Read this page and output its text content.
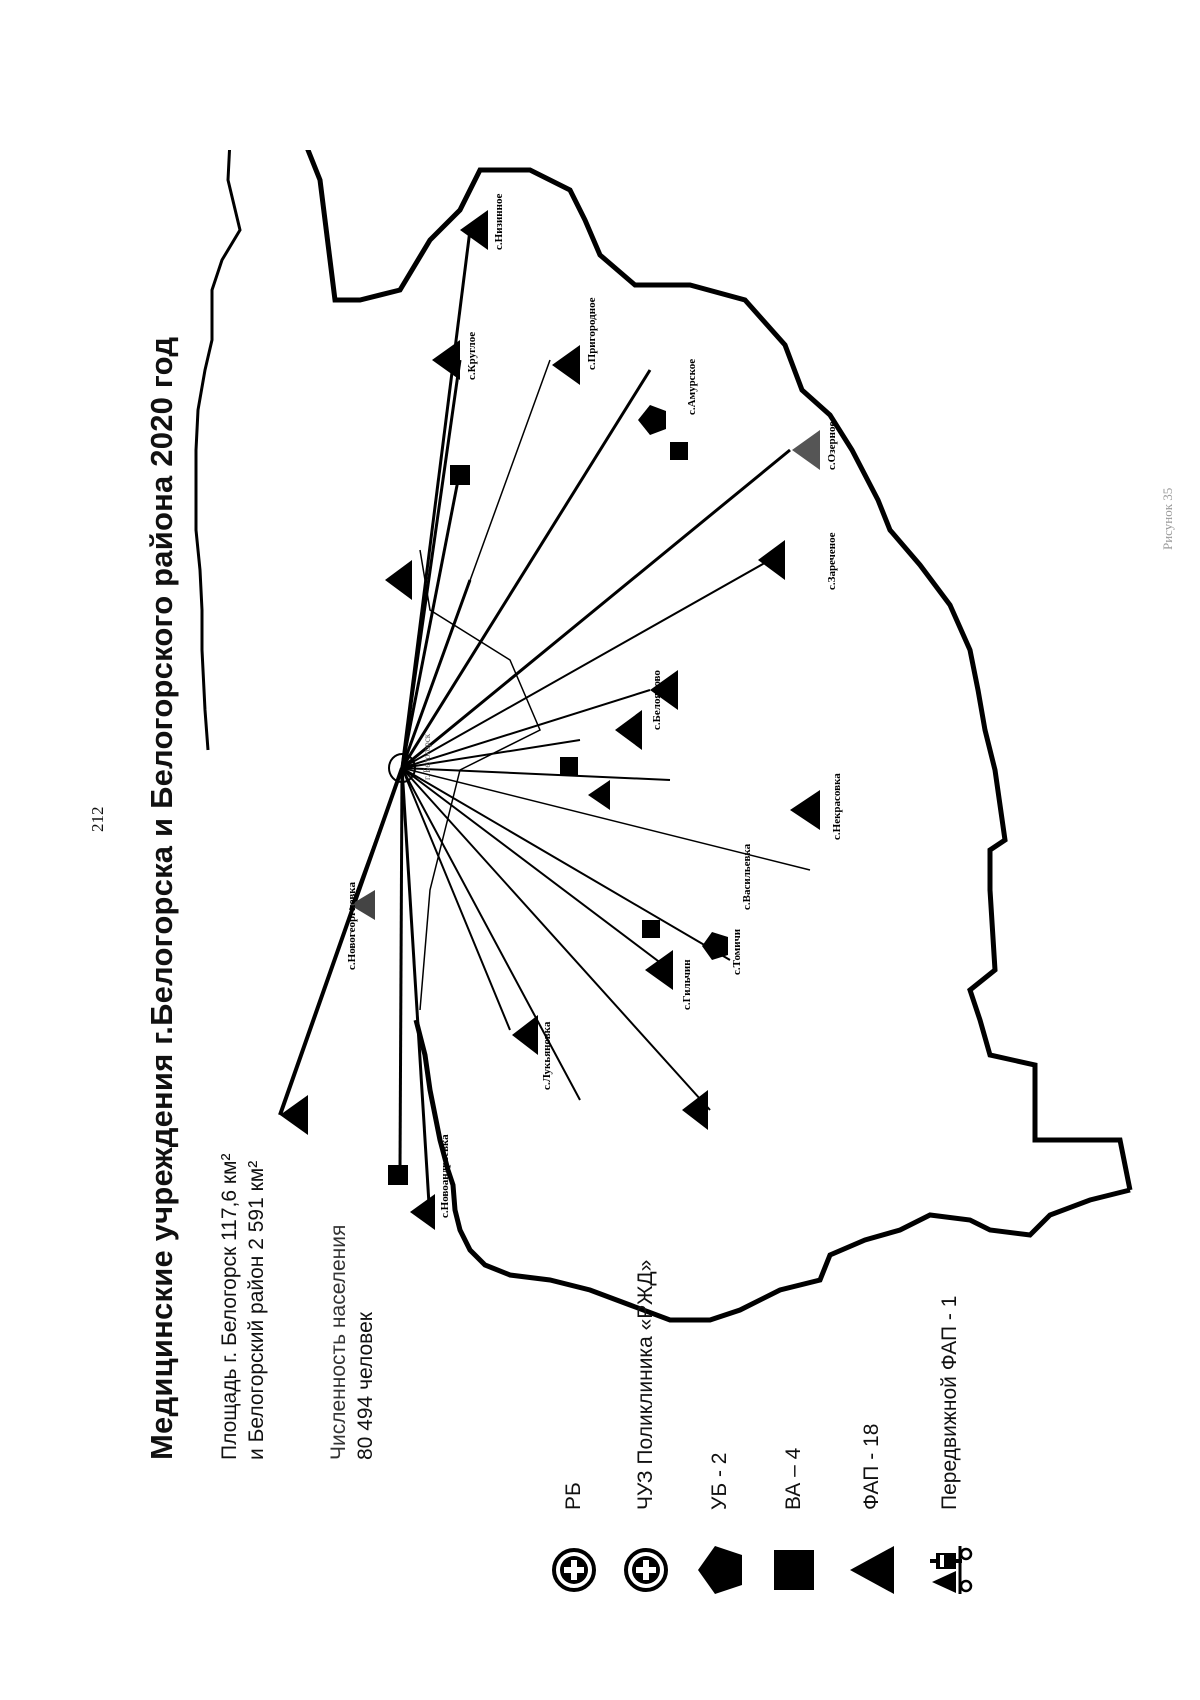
212
с.Новоандреевка
с.Новогеоргиевка
с.Лукьяновка
с.Васильевка
с.Гильчин
с.Томичи
с.Некрасовка
с.Белоярово
с.Амурское
с.Зареченое
с.Озерное
с.Пригородное
с.Круглое
с.Низинное
г. Белогорск
Медицинские учреждения г.Белогорска и Белогорского района 2020 год Площадь г. Белогорск 117,6 км² и Белогорский район 2 591 км²	Численность населения 80 494 человек
РБ ЧУЗ Поликлиника «РЖД» УБ - 2 ВА – 4	ФАП - 18	Передвижной ФАП - 1
Рисунок 35
